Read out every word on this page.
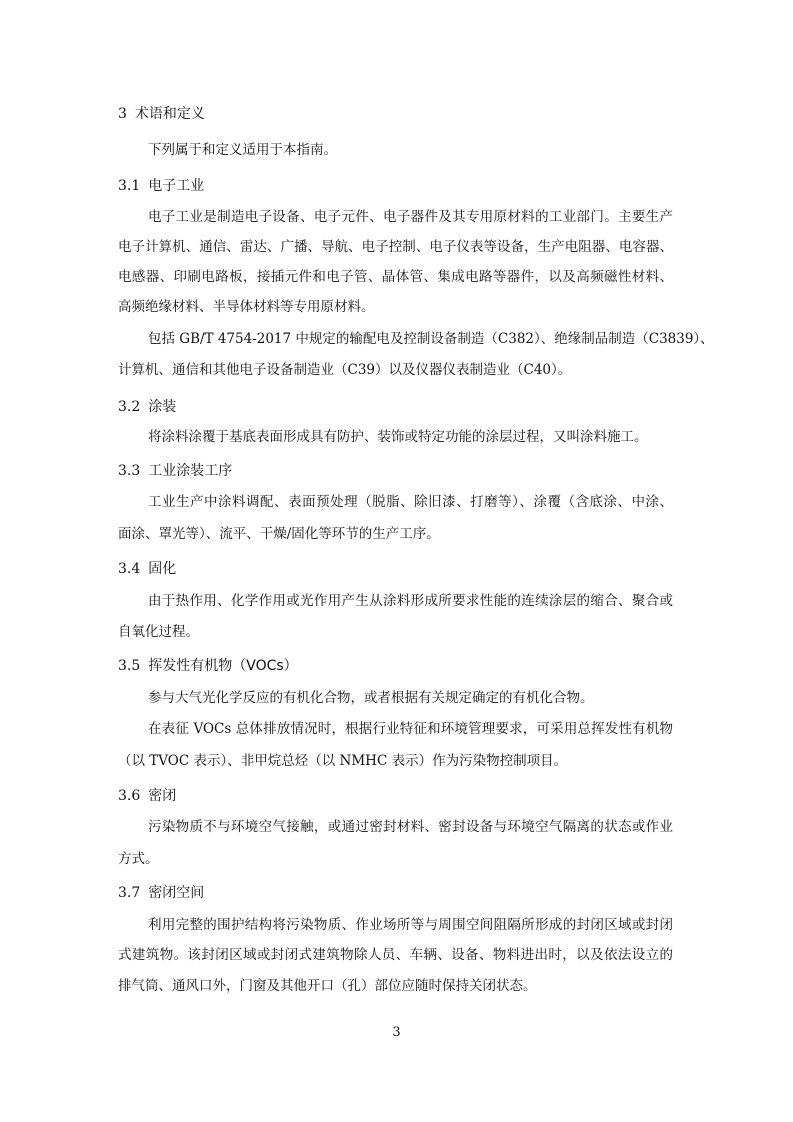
3 术语和定义
下列属于和定义适用于本指南。
3.1 电子工业
电子工业是制造电子设备、电子元件、电子器件及其专用原材料的工业部门。主要生产
电子计算机、通信、雷达、广播、导航、电子控制、电子仪表等设备，生产电阻器、电容器、
电感器、印刷电路板，接插元件和电子管、晶体管、集成电路等器件，以及高频磁性材料、
高频绝缘材料、半导体材料等专用原材料。
包括 GB/T 4754-2017 中规定的输配电及控制设备制造（C382）、绝缘制品制造（C3839）、
计算机、通信和其他电子设备制造业（C39）以及仪器仪表制造业（C40）。
3.2 涂装
将涂料涂覆于基底表面形成具有防护、装饰或特定功能的涂层过程，又叫涂料施工。
3.3 工业涂装工序
工业生产中涂料调配、表面预处理（脱脂、除旧漆、打磨等）、涂覆（含底涂、中涂、
面涂、罩光等）、流平、干燥/固化等环节的生产工序。
3.4 固化
由于热作用、化学作用或光作用产生从涂料形成所要求性能的连续涂层的缩合、聚合或
自氧化过程。
3.5 挥发性有机物（VOCs）
参与大气光化学反应的有机化合物，或者根据有关规定确定的有机化合物。
在表征 VOCs 总体排放情况时，根据行业特征和环境管理要求，可采用总挥发性有机物
（以 TVOC 表示）、非甲烷总烃（以 NMHC 表示）作为污染物控制项目。
3.6 密闭
污染物质不与环境空气接触，或通过密封材料、密封设备与环境空气隔离的状态或作业
方式。
3.7 密闭空间
利用完整的围护结构将污染物质、作业场所等与周围空间阻隔所形成的封闭区域或封闭
式建筑物。该封闭区域或封闭式建筑物除人员、车辆、设备、物料进出时，以及依法设立的
排气筒、通风口外，门窗及其他开口（孔）部位应随时保持关闭状态。
3
